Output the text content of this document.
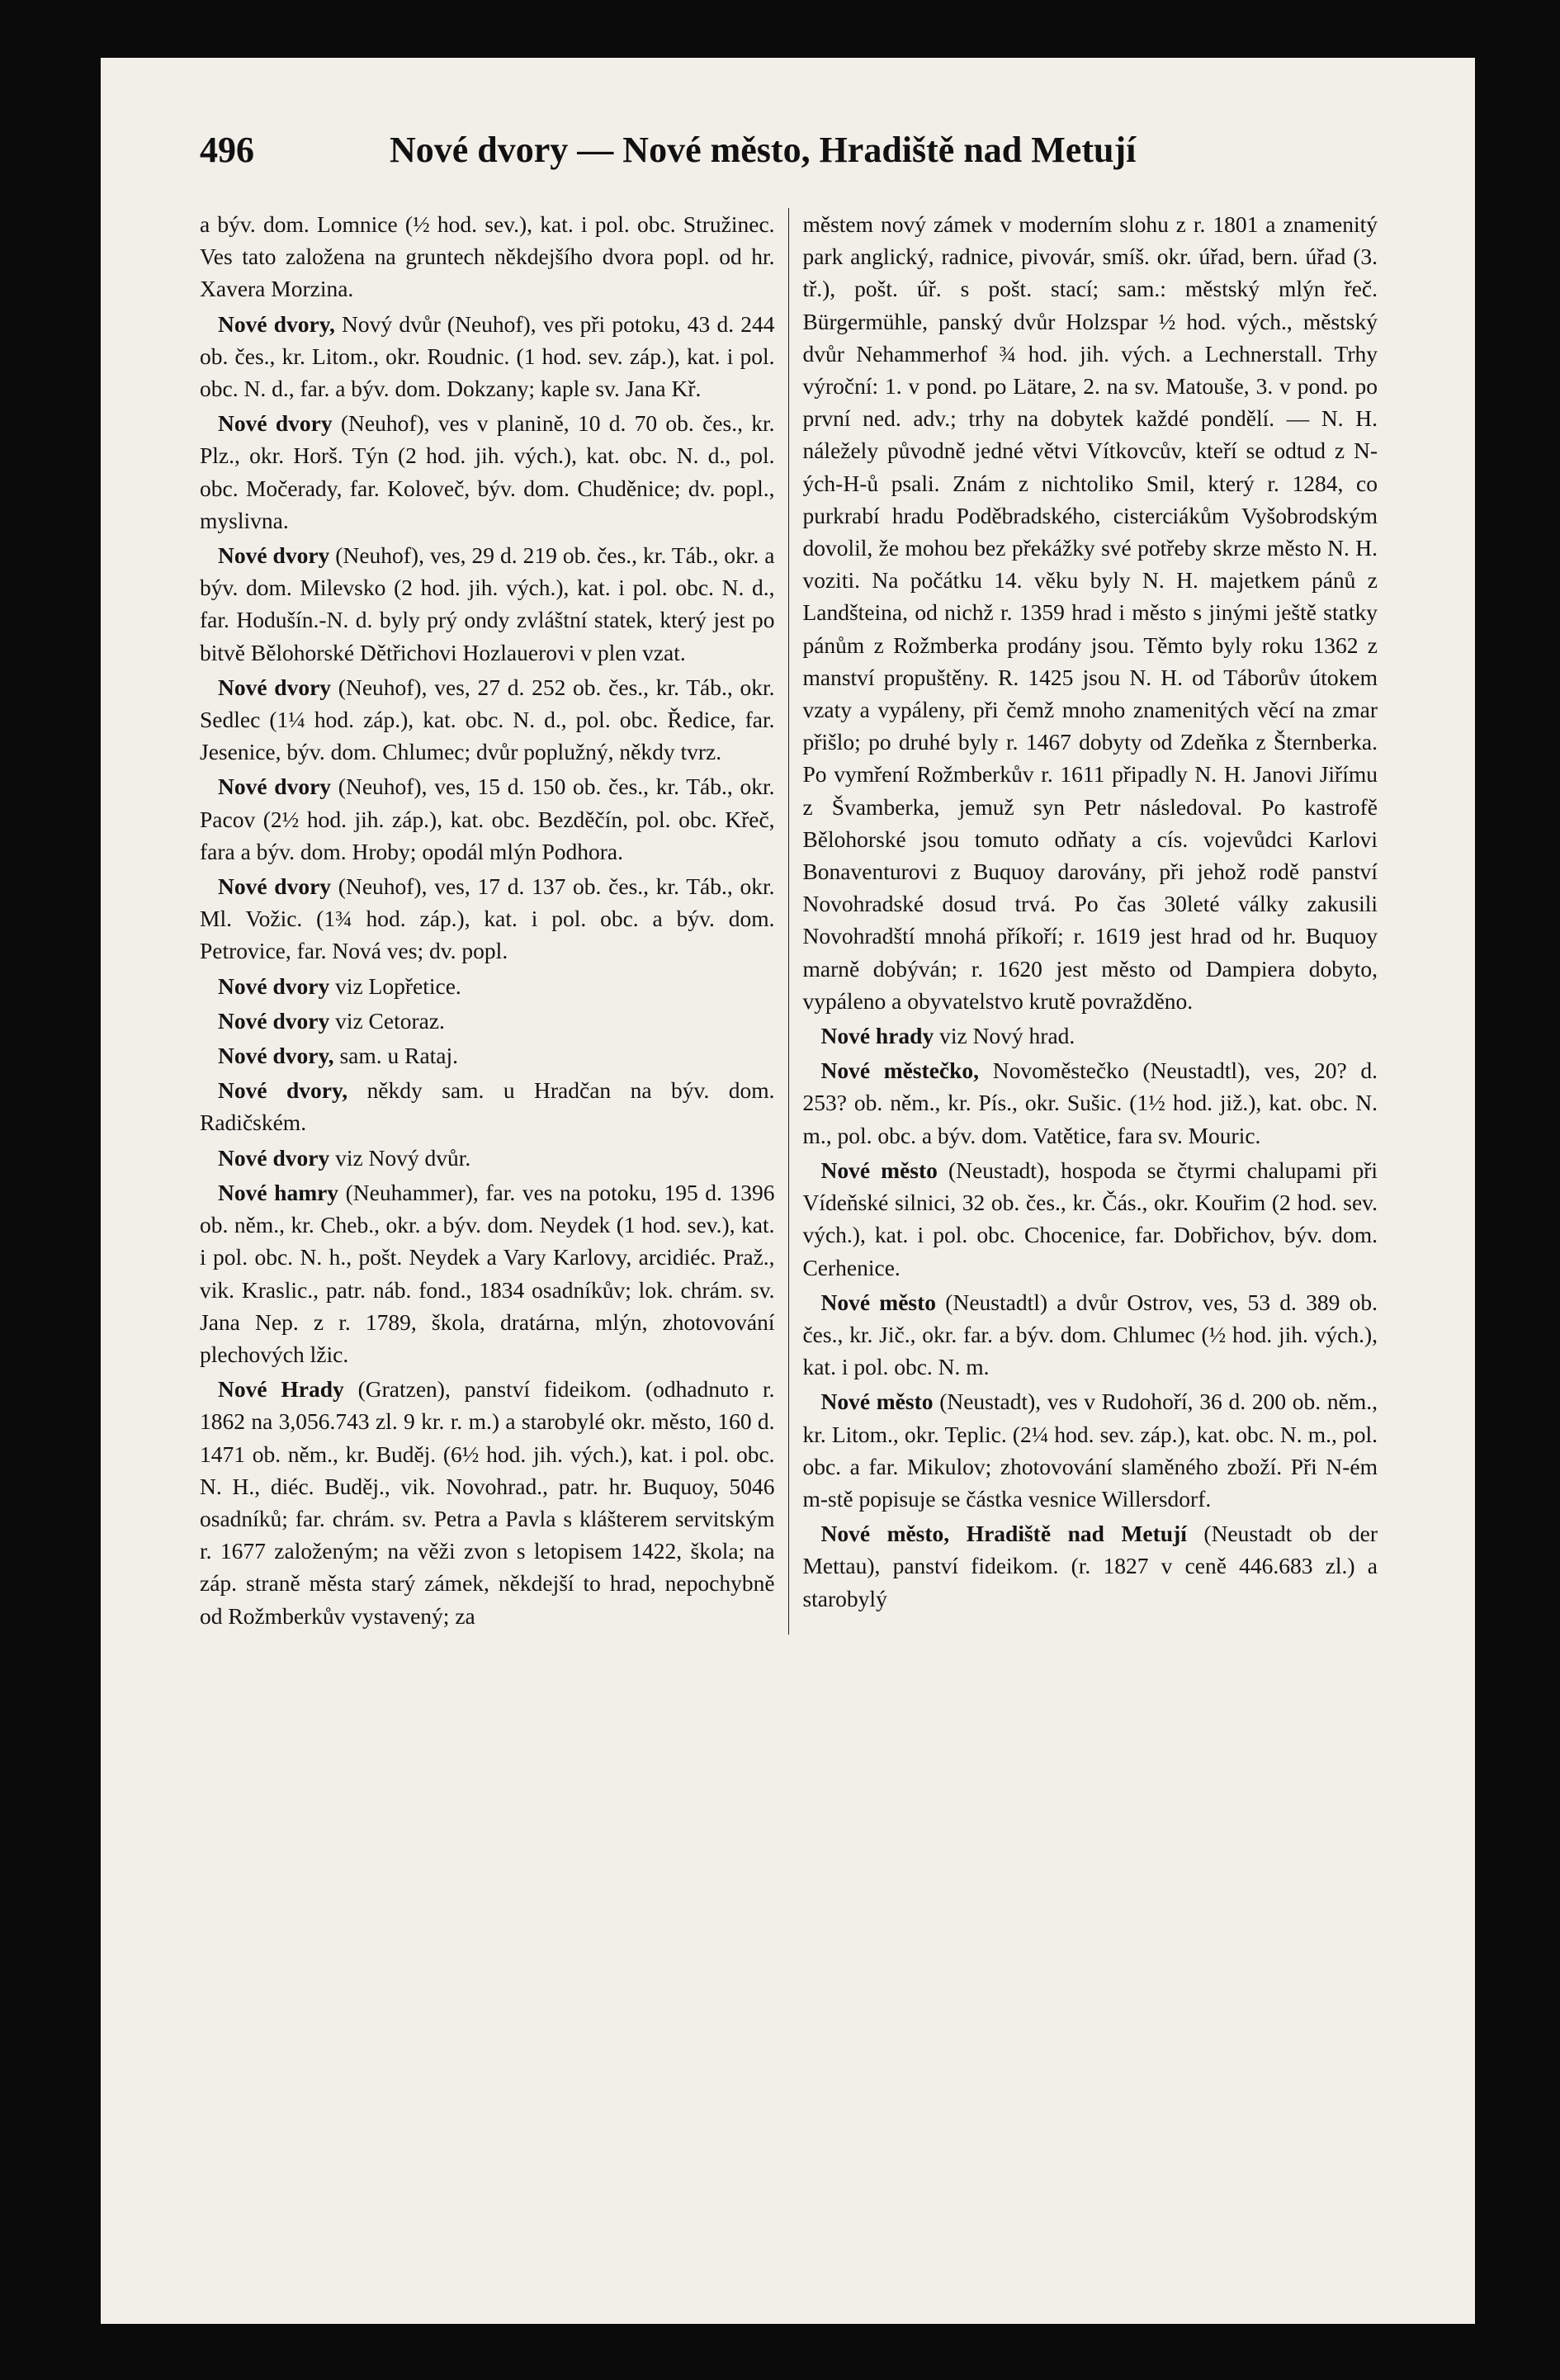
496	Nové dvory — Nové město, Hradiště nad Metují

a býv. dom. Lomnice (½ hod. sev.), kat. i pol. obc. Stružinec. Ves tato založena na gruntech někdejšího dvora popl. od hr. Xavera Morzina.

Nové dvory, Nový dvůr (Neuhof), ves při potoku, 43 d. 244 ob. čes., kr. Litom., okr. Roudnic. (1 hod. sev. záp.), kat. i pol. obc. N. d., far. a býv. dom. Dokzany; kaple sv. Jana Kř.

Nové dvory (Neuhof), ves v planině, 10 d. 70 ob. čes., kr. Plz., okr. Horš. Týn (2 hod. jih. vých.), kat. obc. N. d., pol. obc. Močerady, far. Koloveč, býv. dom. Chuděnice; dv. popl., myslivna.

Nové dvory (Neuhof), ves, 29 d. 219 ob. čes., kr. Táb., okr. a býv. dom. Milevsko (2 hod. jih. vých.), kat. i pol. obc. N. d., far. Hodušín.-N. d. byly prý ondy zvláštní statek, který jest po bitvě Bělohorské Dětřichovi Hozlauerovi v plen vzat.

Nové dvory (Neuhof), ves, 27 d. 252 ob. čes., kr. Táb., okr. Sedlec (1¼ hod. záp.), kat. obc. N. d., pol. obc. Ředice, far. Jesenice, býv. dom. Chlumec; dvůr poplužný, někdy tvrz.

Nové dvory (Neuhof), ves, 15 d. 150 ob. čes., kr. Táb., okr. Pacov (2½ hod. jih. záp.), kat. obc. Bezděčín, pol. obc. Křeč, fara a býv. dom. Hroby; opodál mlýn Podhora.

Nové dvory (Neuhof), ves, 17 d. 137 ob. čes., kr. Táb., okr. Ml. Vožic. (1¾ hod. záp.), kat. i pol. obc. a býv. dom. Petrovice, far. Nová ves; dv. popl.

Nové dvory viz Lopřetice.

Nové dvory viz Cetoraz.

Nové dvory, sam. u Rataj.

Nové dvory, někdy sam. u Hradčan na býv. dom. Radičském.

Nové dvory viz Nový dvůr.

Nové hamry (Neuhammer), far. ves na potoku, 195 d. 1396 ob. něm., kr. Cheb., okr. a býv. dom. Neydek (1 hod. sev.), kat. i pol. obc. N. h., pošt. Neydek a Vary Karlovy, arcidiéc. Praž., vik. Kraslic., patr. náb. fond., 1834 osadníkův; lok. chrám. sv. Jana Nep. z r. 1789, škola, dratárna, mlýn, zhotovování plechových lžic.

Nové Hrady (Gratzen), panství fideikom. (odhadnuto r. 1862 na 3,056.743 zl. 9 kr. r. m.) a starobylé okr. město, 160 d. 1471 ob. něm., kr. Buděj. (6½ hod. jih. vých.), kat. i pol. obc. N. H., diéc. Buděj., vik. Novohrad., patr. hr. Buquoy, 5046 osadníků; far. chrám. sv. Petra a Pavla s klášterem servitským r. 1677 založeným; na věži zvon s letopisem 1422, škola; na záp. straně města starý zámek, někdejší to hrad, nepochybně od Rožmberkův vystavený; za

městem nový zámek v moderním slohu z r. 1801 a znamenitý park anglický, radnice, pivovár, smíš. okr. úřad, bern. úřad (3. tř.), pošt. úř. s pošt. stací; sam.: městský mlýn řeč. Bürgermühle, panský dvůr Holzspar ½ hod. vých., městský dvůr Nehammerhof ¾ hod. jih. vých. a Lechnerstall. Trhy výroční: 1. v pond. po Lätare, 2. na sv. Matouše, 3. v pond. po první ned. adv.; trhy na dobytek každé pondělí. — N. H. náležely původně jedné větvi Vítkovcův, kteří se odtud z N-ých-H-ů psali. Znám z nichtoliko Smil, který r. 1284, co purkrabí hradu Poděbradského, cisterciákům Vyšobrodským dovolil, že mohou bez překážky své potřeby skrze město N. H. voziti. Na počátku 14. věku byly N. H. majetkem pánů z Landšteina, od nichž r. 1359 hrad i město s jinými ještě statky pánům z Rožmberka prodány jsou. Těmto byly roku 1362 z manství propuštěny. R. 1425 jsou N. H. od Táborův útokem vzaty a vypáleny, při čemž mnoho znamenitých věcí na zmar přišlo; po druhé byly r. 1467 dobyty od Zdeňka z Šternberka. Po vymření Rožmberkův r. 1611 připadly N. H. Janovi Jiřímu z Švamberka, jemuž syn Petr následoval. Po kastrofě Bělohorské jsou tomuto odňaty a cís. vojevůdci Karlovi Bonaventurovi z Buquoy darovány, při jehož rodě panství Novohradské dosud trvá. Po čas 30leté války zakusili Novohradští mnohá příkoří; r. 1619 jest hrad od hr. Buquoy marně dobýván; r. 1620 jest město od Dampiera dobyto, vypáleno a obyvatelstvo krutě povražděno.

Nové hrady viz Nový hrad.

Nové městečko, Novoměstečko (Neustadtl), ves, 20? d. 253? ob. něm., kr. Pís., okr. Sušic. (1½ hod. již.), kat. obc. N. m., pol. obc. a býv. dom. Vatětice, fara sv. Mouric.

Nové město (Neustadt), hospoda se čtyrmi chalupami při Vídeňské silnici, 32 ob. čes., kr. Čás., okr. Kouřim (2 hod. sev. vých.), kat. i pol. obc. Chocenice, far. Dobřichov, býv. dom. Cerhenice.

Nové město (Neustadtl) a dvůr Ostrov, ves, 53 d. 389 ob. čes., kr. Jič., okr. far. a býv. dom. Chlumec (½ hod. jih. vých.), kat. i pol. obc. N. m.

Nové město (Neustadt), ves v Rudohoří, 36 d. 200 ob. něm., kr. Litom., okr. Teplic. (2¼ hod. sev. záp.), kat. obc. N. m., pol. obc. a far. Mikulov; zhotovování slaměného zboží. Při N-ém m-stě popisuje se částka vesnice Willersdorf.

Nové město, Hradiště nad Metují (Neustadt ob der Mettau), panství fideikom. (r. 1827 v ceně 446.683 zl.) a starobylý
